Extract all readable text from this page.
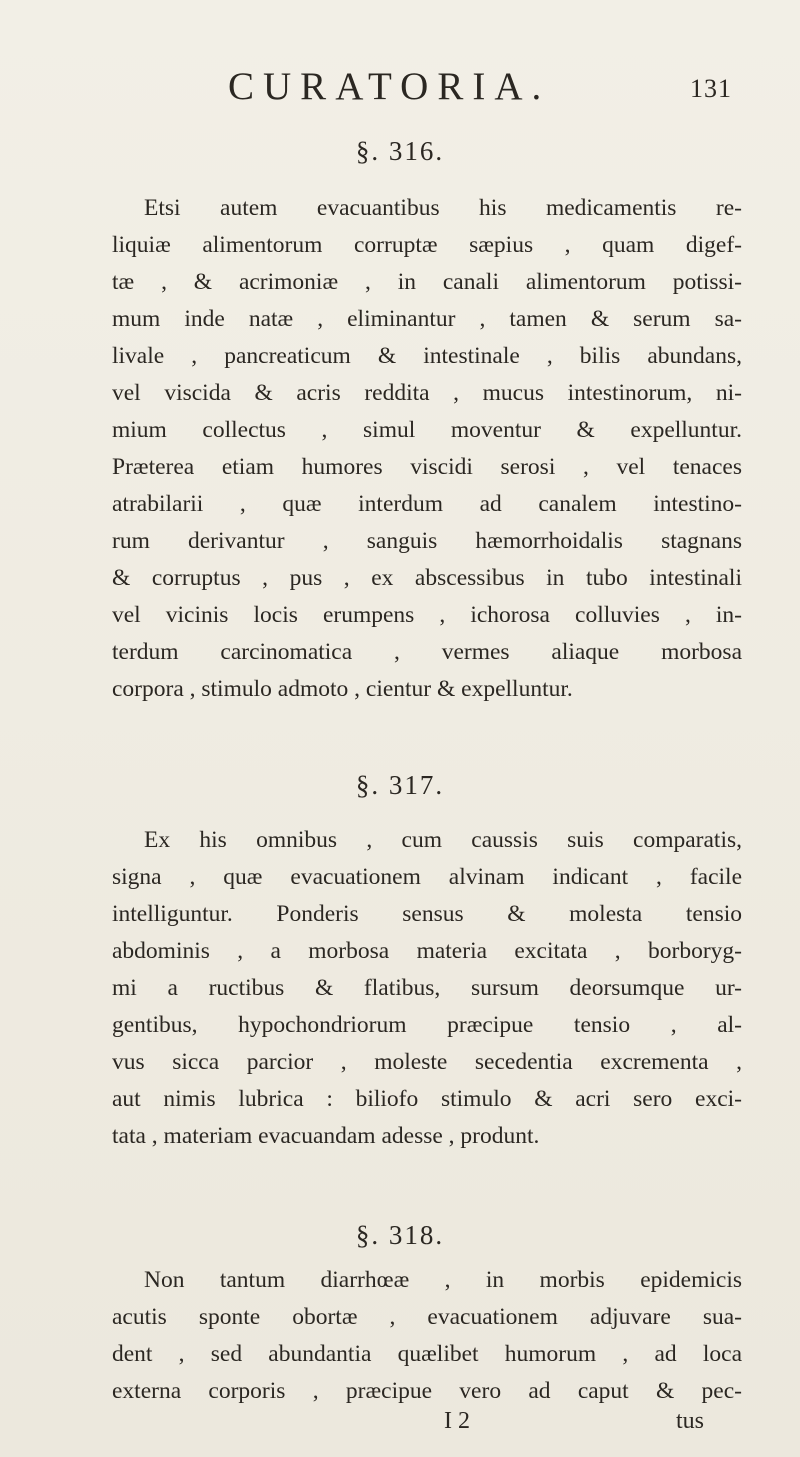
CURATORIA.	131
§. 316.
Etsi autem evacuantibus his medicamentis re-
liquiæ alimentorum corruptæ sæpius , quam digef-
tæ , & acrimoniæ , in canali alimentorum potissi-
mum inde natæ , eliminantur , tamen & serum sa-
livale , pancreaticum & intestinale , bilis abundans,
vel viscida & acris reddita , mucus intestinorum, ni-
mium collectus , simul moventur & expelluntur.
Præterea etiam humores viscidi serosi , vel tenaces
atrabilarii , quæ interdum ad canalem intestino-
rum derivantur , sanguis hæmorrhoidalis stagnans
& corruptus , pus , ex abscessibus in tubo intestinali
vel vicinis locis erumpens , ichorosa colluvies , in-
terdum carcinomatica , vermes aliaque morbosa
corpora , stimulo admoto , cientur & expelluntur.
§. 317.
Ex his omnibus , cum caussis suis comparatis,
signa , quæ evacuationem alvinam indicant , facile
intelliguntur. Ponderis sensus & molesta tensio
abdominis , a morbosa materia excitata , borboryg-
mi a ructibus & flatibus, sursum deorsumque ur-
gentibus, hypochondriorum præcipue tensio , al-
vus sicca parcior , moleste secedentia excrementa ,
aut nimis lubrica : biliofo stimulo & acri sero exci-
tata , materiam evacuandam adesse , produnt.
§. 318.
Non tantum diarrhœæ , in morbis epidemicis
acutis sponte obortæ , evacuationem adjuvare sua-
dent , sed abundantia quælibet humorum , ad loca
externa corporis , præcipue vero ad caput & pec-
I 2	tus
